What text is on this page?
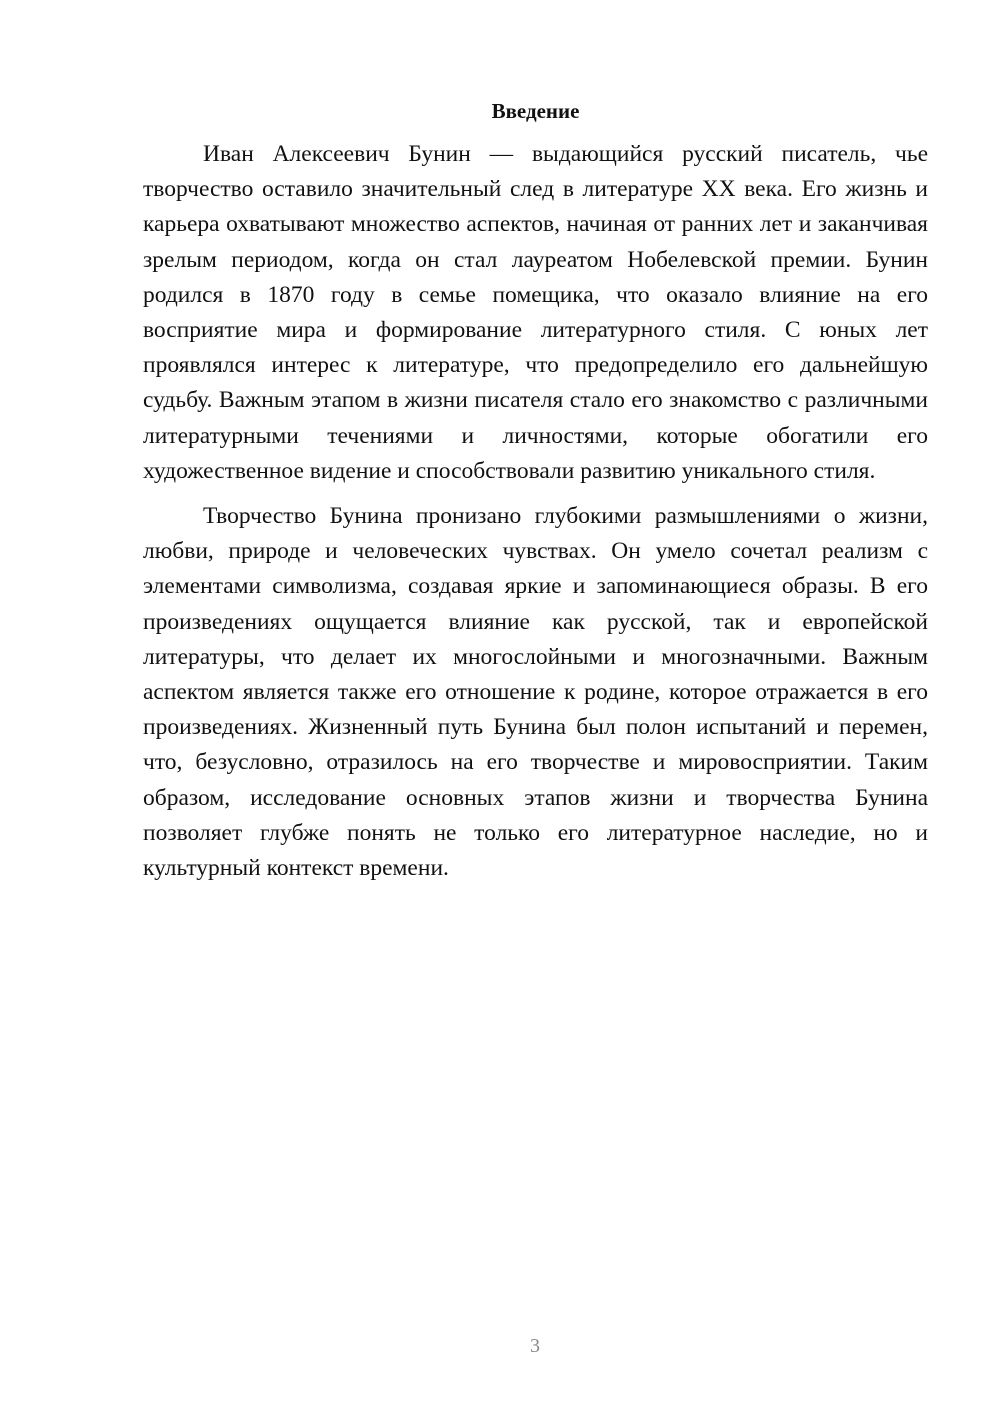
Введение

Иван Алексеевич Бунин — выдающийся русский писатель, чье творчество оставило значительный след в литературе XX века. Его жизнь и карьера охватывают множество аспектов, начиная от ранних лет и заканчивая зрелым периодом, когда он стал лауреатом Нобелевской премии. Бунин родился в 1870 году в семье помещика, что оказало влияние на его восприятие мира и формирование литературного стиля. С юных лет проявлялся интерес к литературе, что предопределило его дальнейшую судьбу. Важным этапом в жизни писателя стало его знакомство с различными литературными течениями и личностями, которые обогатили его художественное видение и способствовали развитию уникального стиля.

Творчество Бунина пронизано глубокими размышлениями о жизни, любви, природе и человеческих чувствах. Он умело сочетал реализм с элементами символизма, создавая яркие и запоминающиеся образы. В его произведениях ощущается влияние как русской, так и европейской литературы, что делает их многослойными и многозначными. Важным аспектом является также его отношение к родине, которое отражается в его произведениях. Жизненный путь Бунина был полон испытаний и перемен, что, безусловно, отразилось на его творчестве и мировосприятии. Таким образом, исследование основных этапов жизни и творчества Бунина позволяет глубже понять не только его литературное наследие, но и культурный контекст времени.

3
